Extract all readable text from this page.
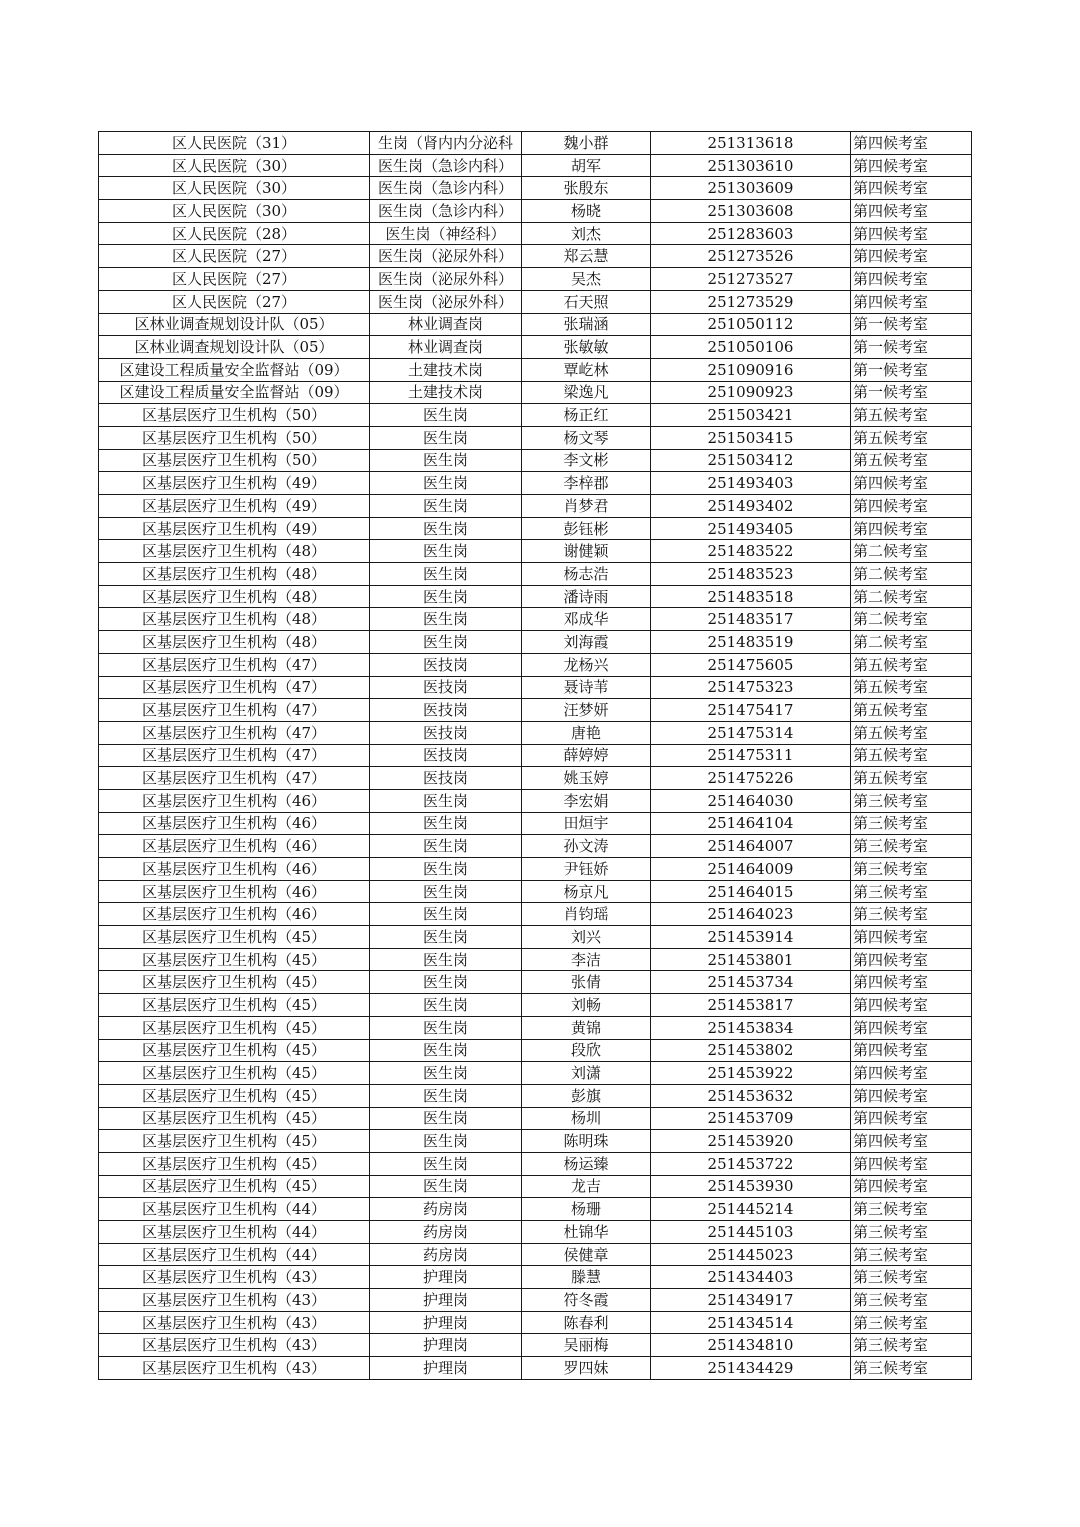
区人民医院（31）	生岗（肾内内分泌科	魏小群	251313618	第四候考室
区人民医院（30）	医生岗（急诊内科）	胡军	251303610	第四候考室
区人民医院（30）	医生岗（急诊内科）	张殷东	251303609	第四候考室
区人民医院（30）	医生岗（急诊内科）	杨晓	251303608	第四候考室
区人民医院（28）	医生岗（神经科）	刘杰	251283603	第四候考室
区人民医院（27）	医生岗（泌尿外科）	郑云慧	251273526	第四候考室
区人民医院（27）	医生岗（泌尿外科）	吴杰	251273527	第四候考室
区人民医院（27）	医生岗（泌尿外科）	石天照	251273529	第四候考室
区林业调查规划设计队（05）	林业调查岗	张瑞涵	251050112	第一候考室
区林业调查规划设计队（05）	林业调查岗	张敏敏	251050106	第一候考室
区建设工程质量安全监督站（09）	土建技术岗	覃屹林	251090916	第一候考室
区建设工程质量安全监督站（09）	土建技术岗	梁逸凡	251090923	第一候考室
区基层医疗卫生机构（50）	医生岗	杨正红	251503421	第五候考室
区基层医疗卫生机构（50）	医生岗	杨文琴	251503415	第五候考室
区基层医疗卫生机构（50）	医生岗	李文彬	251503412	第五候考室
区基层医疗卫生机构（49）	医生岗	李梓郡	251493403	第四候考室
区基层医疗卫生机构（49）	医生岗	肖梦君	251493402	第四候考室
区基层医疗卫生机构（49）	医生岗	彭钰彬	251493405	第四候考室
区基层医疗卫生机构（48）	医生岗	谢健颖	251483522	第二候考室
区基层医疗卫生机构（48）	医生岗	杨志浩	251483523	第二候考室
区基层医疗卫生机构（48）	医生岗	潘诗雨	251483518	第二候考室
区基层医疗卫生机构（48）	医生岗	邓成华	251483517	第二候考室
区基层医疗卫生机构（48）	医生岗	刘海霞	251483519	第二候考室
区基层医疗卫生机构（47）	医技岗	龙杨兴	251475605	第五候考室
区基层医疗卫生机构（47）	医技岗	聂诗苇	251475323	第五候考室
区基层医疗卫生机构（47）	医技岗	汪梦妍	251475417	第五候考室
区基层医疗卫生机构（47）	医技岗	唐艳	251475314	第五候考室
区基层医疗卫生机构（47）	医技岗	薛婷婷	251475311	第五候考室
区基层医疗卫生机构（47）	医技岗	姚玉婷	251475226	第五候考室
区基层医疗卫生机构（46）	医生岗	李宏娟	251464030	第三候考室
区基层医疗卫生机构（46）	医生岗	田烜宇	251464104	第三候考室
区基层医疗卫生机构（46）	医生岗	孙文涛	251464007	第三候考室
区基层医疗卫生机构（46）	医生岗	尹钰娇	251464009	第三候考室
区基层医疗卫生机构（46）	医生岗	杨京凡	251464015	第三候考室
区基层医疗卫生机构（46）	医生岗	肖钧瑶	251464023	第三候考室
区基层医疗卫生机构（45）	医生岗	刘兴	251453914	第四候考室
区基层医疗卫生机构（45）	医生岗	李洁	251453801	第四候考室
区基层医疗卫生机构（45）	医生岗	张倩	251453734	第四候考室
区基层医疗卫生机构（45）	医生岗	刘畅	251453817	第四候考室
区基层医疗卫生机构（45）	医生岗	黄锦	251453834	第四候考室
区基层医疗卫生机构（45）	医生岗	段欣	251453802	第四候考室
区基层医疗卫生机构（45）	医生岗	刘潇	251453922	第四候考室
区基层医疗卫生机构（45）	医生岗	彭旗	251453632	第四候考室
区基层医疗卫生机构（45）	医生岗	杨圳	251453709	第四候考室
区基层医疗卫生机构（45）	医生岗	陈明珠	251453920	第四候考室
区基层医疗卫生机构（45）	医生岗	杨运臻	251453722	第四候考室
区基层医疗卫生机构（45）	医生岗	龙吉	251453930	第四候考室
区基层医疗卫生机构（44）	药房岗	杨珊	251445214	第三候考室
区基层医疗卫生机构（44）	药房岗	杜锦华	251445103	第三候考室
区基层医疗卫生机构（44）	药房岗	侯健章	251445023	第三候考室
区基层医疗卫生机构（43）	护理岗	滕慧	251434403	第三候考室
区基层医疗卫生机构（43）	护理岗	符冬霞	251434917	第三候考室
区基层医疗卫生机构（43）	护理岗	陈春利	251434514	第三候考室
区基层医疗卫生机构（43）	护理岗	吴丽梅	251434810	第三候考室
区基层医疗卫生机构（43）	护理岗	罗四妹	251434429	第三候考室
